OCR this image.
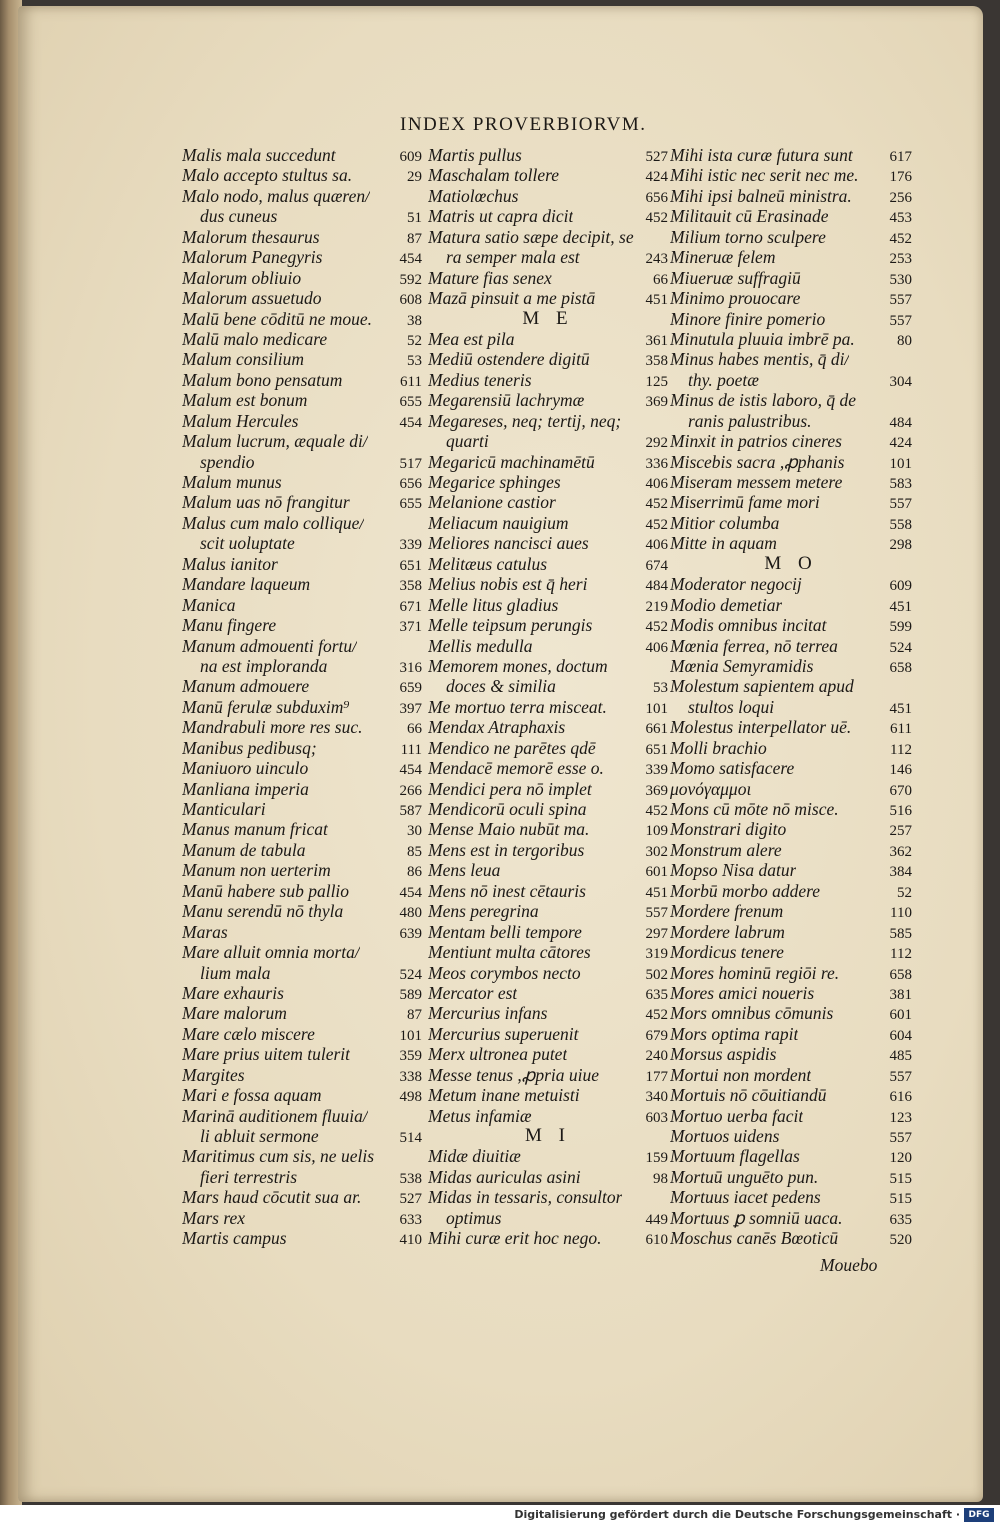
INDEX PROVERBIORVM.
Malis mala succedunt	609
Malo accepto stultus sa.	29
Malo nodo, malus quæren/
dus cuneus	51
Malorum thesaurus	87
Malorum Panegyris	454
Malorum obliuio	592
Malorum assuetudo	608
Malū bene cōditū ne moue. 38
Malū malo medicare	52
Malum consilium	53
Malum bono pensatum	611
Malum est bonum	655
Malum Hercules	454
Malum lucrum, æquale di/
spendio	517
Malum munus	656
Malum uas nō frangitur	655
Malus cum malo collique/
scit uoluptate	339
Malus ianitor	651
Mandare laqueum	358
Manica	671
Manu fingere	371
Manum admouenti fortu/
na est imploranda	316
Manum admouere	659
Manū ferulæ subduxim⁹	397
Mandrabuli more res suc.	66
Manibus pedibusq;	111
Maniuoro uinculo	454
Manliana imperia	266
Manticulari	587
Manus manum fricat	30
Manum de tabula	85
Manum non uerterim	86
Manū habere sub pallio	454
Manu serendū nō thyla	480
Maras	639
Mare alluit omnia morta/
lium mala	524
Mare exhauris	589
Mare malorum	87
Mare cælo miscere	101
Mare prius uitem tulerit	359
Margites	338
Mari e fossa aquam	498
Marinā auditionem fluuia/
li abluit sermone	514
Maritimus cum sis, ne uelis
fieri terrestris	538
Mars haud cōcutit sua ar.	527
Mars rex	633
Martis campus	410
Martis pullus	527
Maschalam tollere	424
Matiolœchus	656
Matris ut capra dicit	452
Matura satio sæpe decipit, se
ra semper mala est	243
Mature fias senex	66
Mazā pinsuit a me pistā	451
M E
Mea est pila	361
Mediū ostendere digitū	358
Medius teneris	125
Megarensiū lachrymæ	369
Megareses, neq; tertij, neq;
quarti	292
Megaricū machinamētū	336
Megarice sphinges	406
Melanione castior	452
Meliacum nauigium	452
Meliores nancisci aues	406
Melitæus catulus	674
Melius nobis est q̄ heri	484
Melle litus gladius	219
Melle teipsum perungis	452
Mellis medulla	406
Memorem mones, doctum
doces & similia	53
Me mortuo terra misceat.	101
Mendax Atraphaxis	661
Mendico ne parētes qdē	651
Mendacē memorē esse o.	339
Mendici pera nō implet	369
Mendicorū oculi spina	452
Mense Maio nubūt ma.	109
Mens est in tergoribus	302
Mens leua	601
Mens nō inest cētauris	451
Mens peregrina	557
Mentam belli tempore	297
Mentiunt multa cātores	319
Meos corymbos necto	502
Mercator est	635
Mercurius infans	452
Mercurius superuenit	679
Merx ultronea putet	240
Messe tenus ,ꝓpria uiue	177
Metum inane metuisti	340
Metus infamiæ	603
M I
Midæ diuitiæ	159
Midas auriculas asini	98
Midas in tessaris, consultor
optimus	449
Mihi curæ erit hoc nego.	610
Mihi ista curæ futura sunt 617
Mihi istic nec serit nec me. 176
Mihi ipsi balneū ministra.	256
Militauit cū Erasinade	453
Milium torno sculpere	452
Mineruæ felem	253
Miueruæ suffragiū	530
Minimo prouocare	557
Minore finire pomerio	557
Minutula pluuia imbrē pa.	80
Minus habes mentis, q̄ di/
thy. poetæ	304
Minus de istis laboro, q̄ de
ranis palustribus.	484
Minxit in patrios cineres	424
Miscebis sacra ,ꝓphanis	101
Miseram messem metere	583
Miserrimū fame mori	557
Mitior columba	558
Mitte in aquam	298
M O
Moderator negocij	609
Modio demetiar	451
Modis omnibus incitat	599
Mœnia ferrea, nō terrea	524
Mœnia Semyramidis	658
Molestum sapientem apud
stultos loqui	451
Molestus interpellator uē.	611
Molli brachio	112
Momo satisfacere	146
μονόγαμμοι	670
Mons cū mōte nō misce.	516
Monstrari digito	257
Monstrum alere	362
Mopso Nisa datur	384
Morbū morbo addere	52
Mordere frenum	110
Mordere labrum	585
Mordicus tenere	112
Mores hominū regiōi re.	658
Mores amici noueris	381
Mors omnibus cōmunis	601
Mors optima rapit	604
Morsus aspidis	485
Mortui non mordent	557
Mortuis nō cōuitiandū	616
Mortuo uerba facit	123
Mortuos uidens	557
Mortuum flagellas	120
Mortuū unguēto pun.	515
Mortuus iacet pedens	515
Mortuus ꝑ somniū uaca.	635
Moschus canēs Bœoticū	520
Mouebo
Digitalisierung gefördert durch die Deutsche Forschungsgemeinschaft · DFG
